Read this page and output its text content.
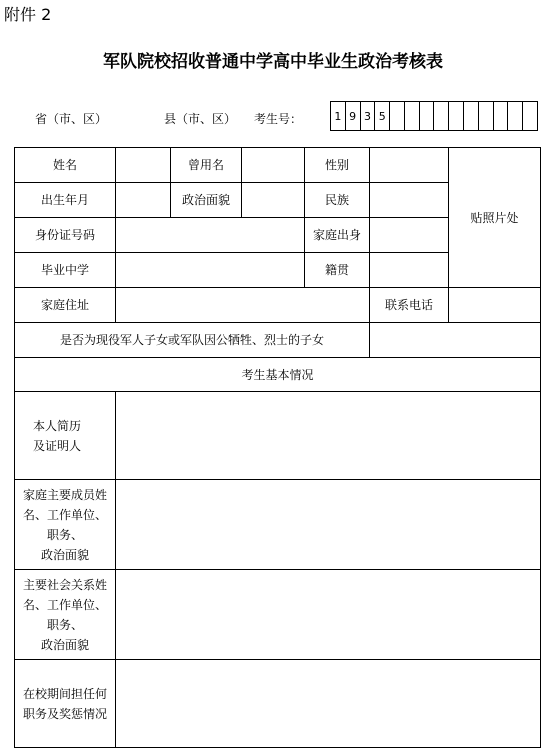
附件 2
军队院校招收普通中学高中毕业生政治考核表
省（市、区）	县（市、区） 考生号：	1 9 3 5
姓名		曾用名		性别		贴照片处
出生年月		政治面貌		民族		
身份证号码				家庭出身		
毕业中学				籍贯		
家庭住址					联系电话	
是否为现役军人子女或军队因公牺牲、烈士的子女						
考生基本情况						

本人简历
及证明人						

家庭主要成员姓
名、工作单位、
职务、
政治面貌						

主要社会关系姓
名、工作单位、
职务、
政治面貌						

在校期间担任何
职务及奖惩情况						
